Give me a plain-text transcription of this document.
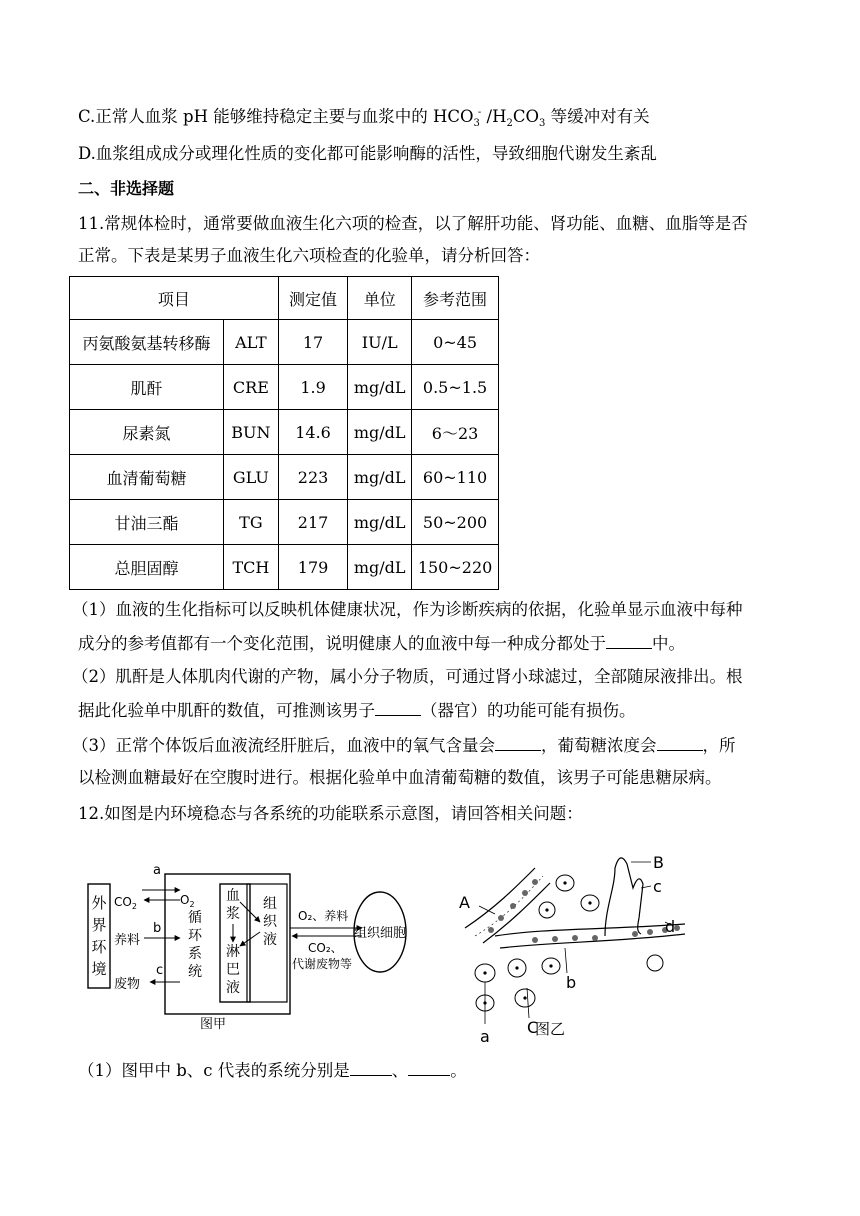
C.正常人血浆 pH 能够维持稳定主要与血浆中的 $HCO_3^-$ $/H_2CO_3$ 等缓冲对有关
D.血浆组成成分或理化性质的变化都可能影响酶的活性，导致细胞代谢发生紊乱
二、非选择题
11.常规体检时，通常要做血液生化六项的检查，以了解肝功能、肾功能、血糖、血脂等是否
正常。下表是某男子血液生化六项检查的化验单，请分析回答：
项目		测定值	单位	参考范围
丙氨酸氨基转移酶	ALT	17	IU/L	0~45
肌酐	CRE	1.9	mg/dL	0.5~1.5
尿素氮	BUN	14.6	mg/dL	6～23
血清葡萄糖	GLU	223	mg/dL	60~110
甘油三酯	TG	217	mg/dL	50~200
总胆固醇	TCH	179	mg/dL	150~220
（1）血液的生化指标可以反映机体健康状况，作为诊断疾病的依据，化验单显示血液中每种
成分的参考值都有一个变化范围，说明健康人的血液中每一种成分都处于	中。
（2）肌酐是人体肌肉代谢的产物，属小分子物质，可通过肾小球滤过，全部随尿液排出。根
据此化验单中肌酐的数值，可推测该男子	（器官）的功能可能有损伤。
（3）正常个体饭后血液流经肝脏后，血液中的氧气含量会	，葡萄糖浓度会	，所
以检测血糖最好在空腹时进行。根据化验单中血清葡萄糖的数值，该男子可能患糖尿病。
12.如图是内环境稳态与各系统的功能联系示意图，请回答相关问题：
外
界
环
境
循
环
系
统
血
浆
淋
巴
液
组
织
液
a
$CO_2$	$O_2$
b
养料
c
废物
O₂、养料
CO₂、
代谢废物等
组织细胞
图甲
A
B
c
d
a
b
C
图乙
（1）图甲中 b、c 代表的系统分别是	、	。
